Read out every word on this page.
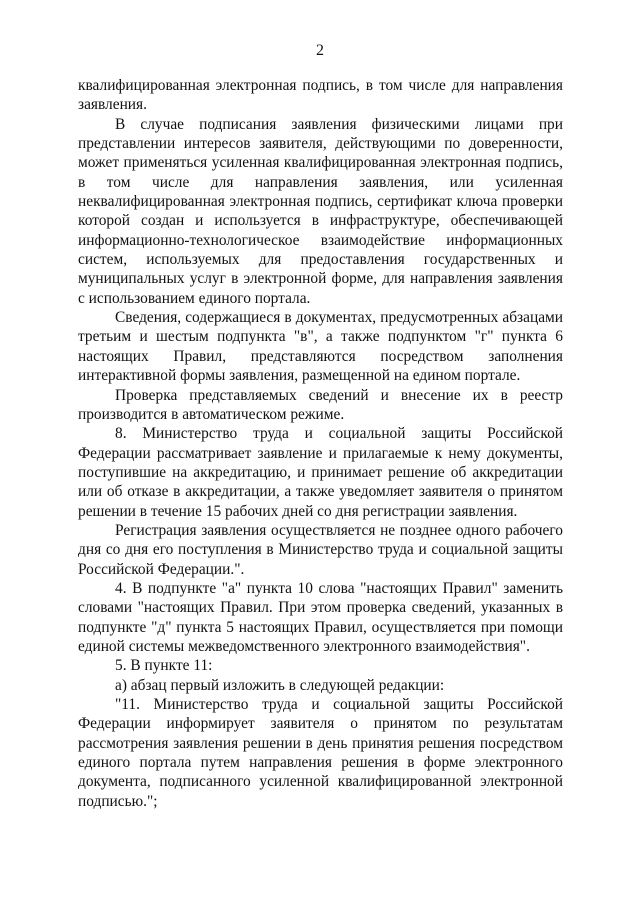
2

квалифицированная электронная подпись, в том числе для направления заявления.

В случае подписания заявления физическими лицами при представлении интересов заявителя, действующими по доверенности, может применяться усиленная квалифицированная электронная подпись, в том числе для направления заявления, или усиленная неквалифицированная электронная подпись, сертификат ключа проверки которой создан и используется в инфраструктуре, обеспечивающей информационно-технологическое взаимодействие информационных систем, используемых для предоставления государственных и муниципальных услуг в электронной форме, для направления заявления с использованием единого портала.

Сведения, содержащиеся в документах, предусмотренных абзацами третьим и шестым подпункта "в", а также подпунктом "г" пункта 6 настоящих Правил, представляются посредством заполнения интерактивной формы заявления, размещенной на едином портале.

Проверка представляемых сведений и внесение их в реестр производится в автоматическом режиме.

8. Министерство труда и социальной защиты Российской Федерации рассматривает заявление и прилагаемые к нему документы, поступившие на аккредитацию, и принимает решение об аккредитации или об отказе в аккредитации, а также уведомляет заявителя о принятом решении в течение 15 рабочих дней со дня регистрации заявления.

Регистрация заявления осуществляется не позднее одного рабочего дня со дня его поступления в Министерство труда и социальной защиты Российской Федерации.".

4. В подпункте "а" пункта 10 слова "настоящих Правил" заменить словами "настоящих Правил. При этом проверка сведений, указанных в подпункте "д" пункта 5 настоящих Правил, осуществляется при помощи единой системы межведомственного электронного взаимодействия".

5. В пункте 11:

а) абзац первый изложить в следующей редакции:

"11. Министерство труда и социальной защиты Российской Федерации информирует заявителя о принятом по результатам рассмотрения заявления решении в день принятия решения посредством единого портала путем направления решения в форме электронного документа, подписанного усиленной квалифицированной электронной подписью.";
